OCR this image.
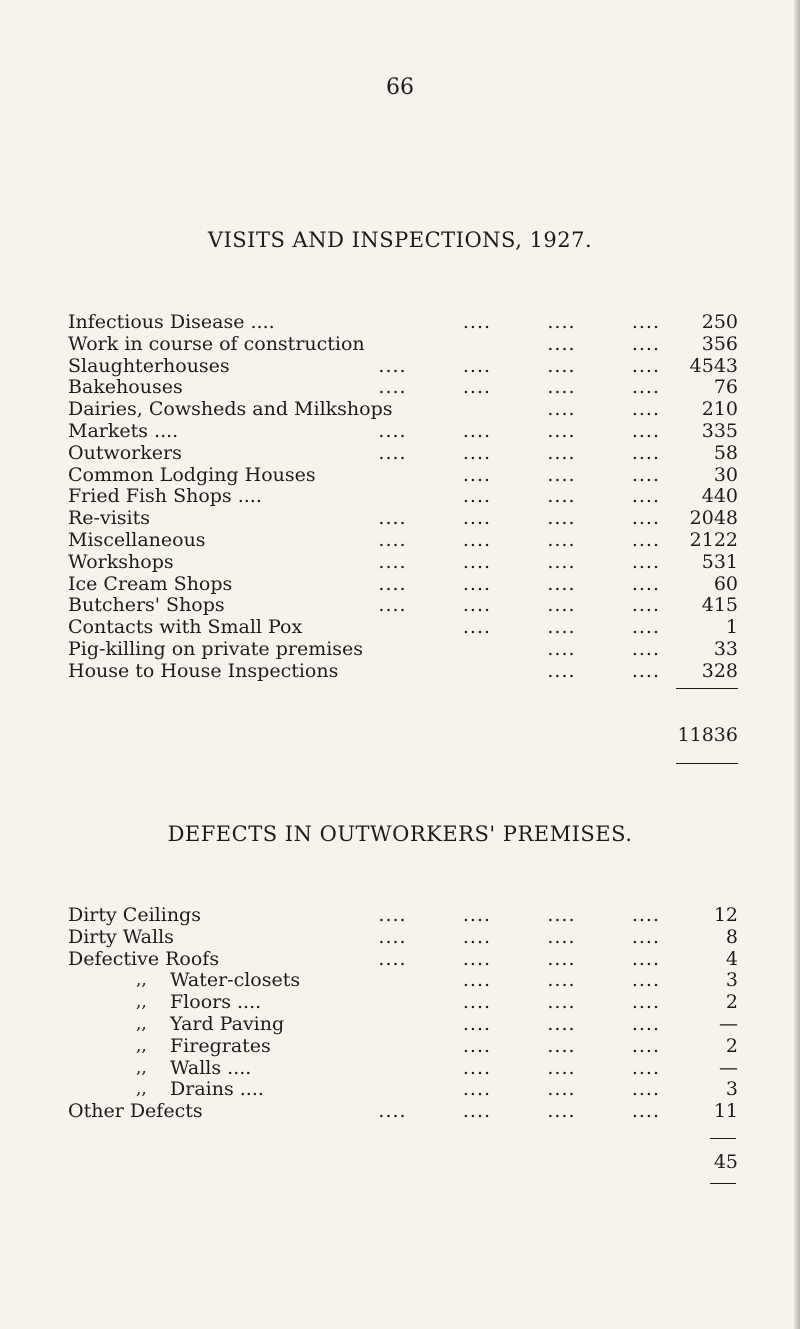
66
VISITS AND INSPECTIONS, 1927.
Infectious Disease ....	....        ....        .... 250
Work in course of construction	....        .... 356
Slaughterhouses	....        ....        ....        .... 4543
Bakehouses	....        ....        ....        ....	76
Dairies, Cowsheds and Milkshops	....        .... 210
Markets ....	....        ....        ....        .... 335
Outworkers	....        ....        ....        ....	58
Common Lodging Houses	....        ....        ....	30
Fried Fish Shops ....	....        ....        .... 440
Re-visits	....        ....        ....        .... 2048
Miscellaneous	....        ....        ....        .... 2122
Workshops	....        ....        ....        .... 531
Ice Cream Shops	....        ....        ....        ....	60
Butchers' Shops	....        ....        ....        .... 415
Contacts with Small Pox	....        ....        ....	1
Pig-killing on private premises	....        ....	33
House to House Inspections	....        .... 328
11836
DEFECTS IN OUTWORKERS' PREMISES.
Dirty Ceilings	....        ....        ....        ....	12
Dirty Walls	....        ....        ....        ....	8
Defective Roofs	....        ....        ....        ....	4
,, Water-closets	....        ....        ....	3
,, Floors ....	....        ....        ....	2
,, Yard Paving	....        ....        ....	—
,, Firegrates	....        ....        ....	2
,, Walls ....	....        ....        ....	—
,, Drains ....	....        ....        ....	3
Other Defects	....        ....        ....        ....	11
45
